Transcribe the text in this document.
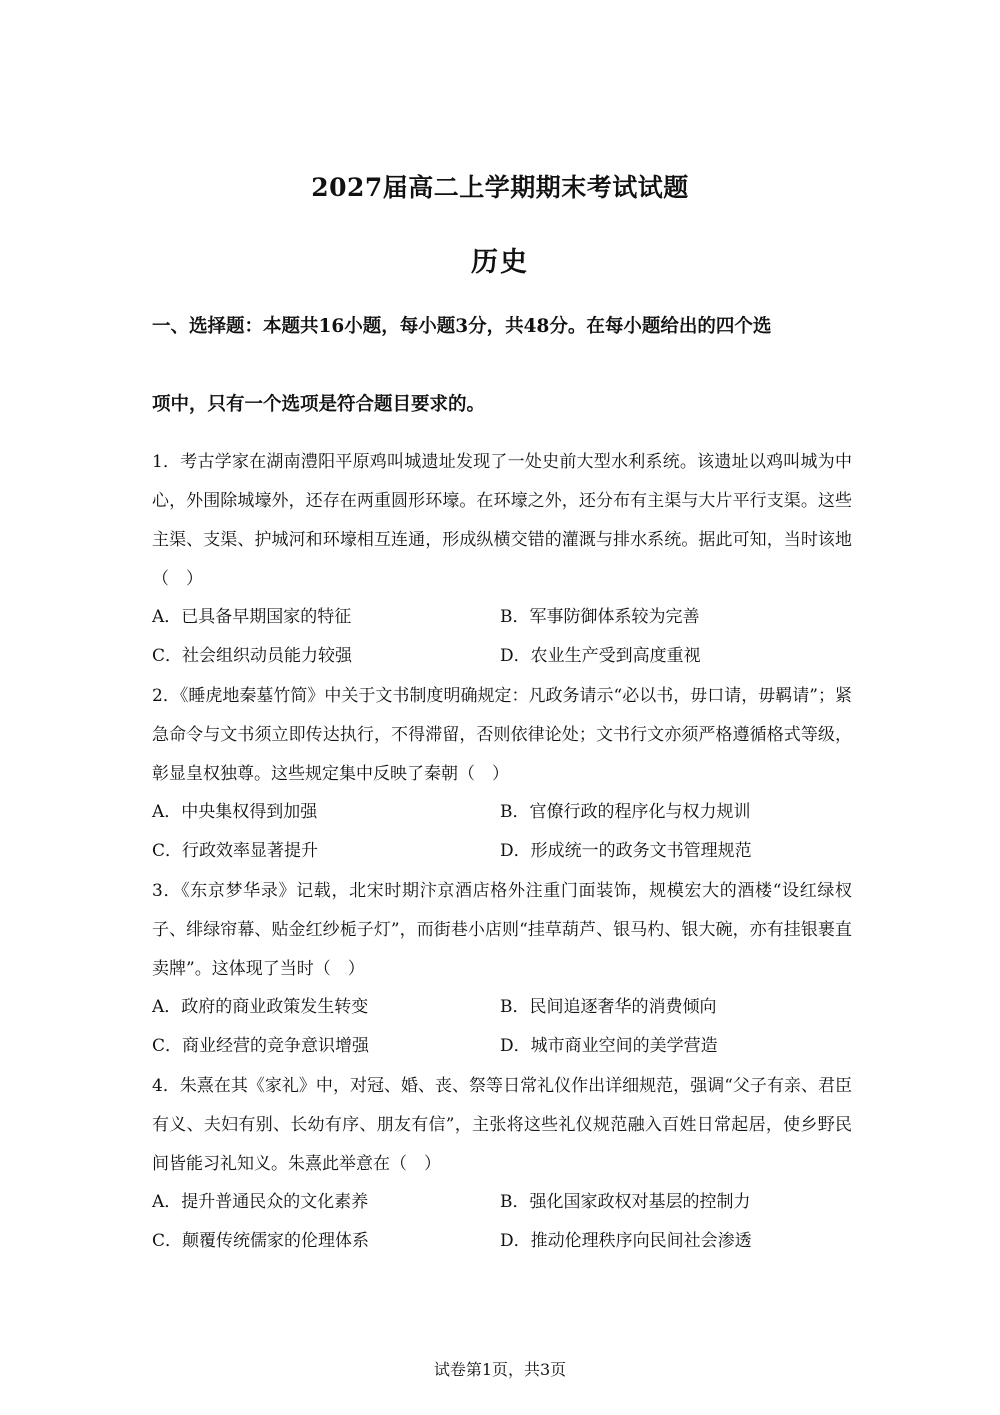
2027届高二上学期期末考试试题
历史
一、选择题：本题共16小题，每小题3分，共48分。在每小题给出的四个选
项中，只有一个选项是符合题目要求的。
1．考古学家在湖南澧阳平原鸡叫城遗址发现了一处史前大型水利系统。该遗址以鸡叫城为中心，外围除城壕外，还存在两重圆形环壕。在环壕之外，还分布有主渠与大片平行支渠。这些主渠、支渠、护城河和环壕相互连通，形成纵横交错的灌溉与排水系统。据此可知，当时该地（　）
A．已具备早期国家的特征	B．军事防御体系较为完善
C．社会组织动员能力较强	D．农业生产受到高度重视
2．《睡虎地秦墓竹简》中关于文书制度明确规定：凡政务请示“必以书，毋口请，毋羁请”；紧急命令与文书须立即传达执行，不得滞留，否则依律论处；文书行文亦须严格遵循格式等级，彰显皇权独尊。这些规定集中反映了秦朝（　）
A．中央集权得到加强	B．官僚行政的程序化与权力规训
C．行政效率显著提升	D．形成统一的政务文书管理规范
3．《东京梦华录》记载，北宋时期汴京酒店格外注重门面装饰，规模宏大的酒楼“设红绿杈子、绯绿帘幕、贴金红纱栀子灯”，而街巷小店则“挂草葫芦、银马杓、银大碗，亦有挂银裹直卖牌”。这体现了当时（　）
A．政府的商业政策发生转变	B．民间追逐奢华的消费倾向
C．商业经营的竞争意识增强	D．城市商业空间的美学营造
4．朱熹在其《家礼》中，对冠、婚、丧、祭等日常礼仪作出详细规范，强调“父子有亲、君臣有义、夫妇有别、长幼有序、朋友有信”，主张将这些礼仪规范融入百姓日常起居，使乡野民间皆能习礼知义。朱熹此举意在（　）
A．提升普通民众的文化素养	B．强化国家政权对基层的控制力
C．颠覆传统儒家的伦理体系	D．推动伦理秩序向民间社会渗透
试卷第1页，共3页
